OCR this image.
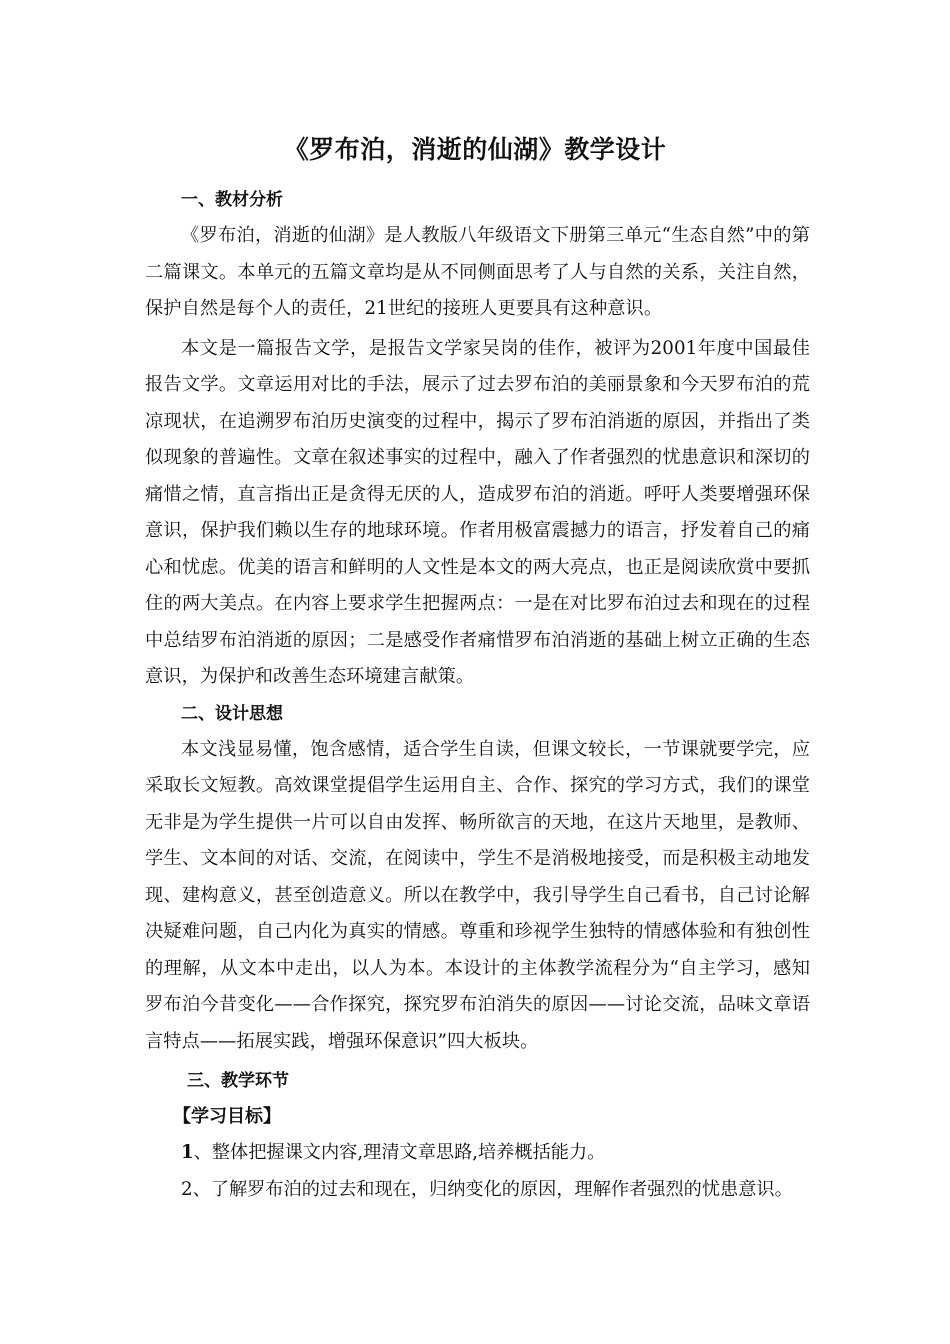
《罗布泊，消逝的仙湖》教学设计

一、教材分析

《罗布泊，消逝的仙湖》是人教版八年级语文下册第三单元“生态自然”中的第二篇课文。本单元的五篇文章均是从不同侧面思考了人与自然的关系，关注自然，保护自然是每个人的责任，21世纪的接班人更要具有这种意识。

本文是一篇报告文学，是报告文学家吴岗的佳作，被评为2001年度中国最佳报告文学。文章运用对比的手法，展示了过去罗布泊的美丽景象和今天罗布泊的荒凉现状，在追溯罗布泊历史演变的过程中，揭示了罗布泊消逝的原因，并指出了类似现象的普遍性。文章在叙述事实的过程中，融入了作者强烈的忧患意识和深切的痛惜之情，直言指出正是贪得无厌的人，造成罗布泊的消逝。呼吁人类要增强环保意识，保护我们赖以生存的地球环境。作者用极富震撼力的语言，抒发着自己的痛心和忧虑。优美的语言和鲜明的人文性是本文的两大亮点，也正是阅读欣赏中要抓住的两大美点。在内容上要求学生把握两点：一是在对比罗布泊过去和现在的过程中总结罗布泊消逝的原因；二是感受作者痛惜罗布泊消逝的基础上树立正确的生态意识，为保护和改善生态环境建言献策。

二、设计思想

本文浅显易懂，饱含感情，适合学生自读，但课文较长，一节课就要学完，应采取长文短教。高效课堂提倡学生运用自主、合作、探究的学习方式，我们的课堂无非是为学生提供一片可以自由发挥、畅所欲言的天地，在这片天地里，是教师、学生、文本间的对话、交流，在阅读中，学生不是消极地接受，而是积极主动地发现、建构意义，甚至创造意义。所以在教学中，我引导学生自己看书，自己讨论解决疑难问题，自己内化为真实的情感。尊重和珍视学生独特的情感体验和有独创性的理解，从文本中走出，以人为本。本设计的主体教学流程分为“自主学习，感知罗布泊今昔变化——合作探究，探究罗布泊消失的原因——讨论交流，品味文章语言特点——拓展实践，增强环保意识”四大板块。

三、教学环节

【学习目标】

1、整体把握课文内容,理清文章思路,培养概括能力。

2、了解罗布泊的过去和现在，归纳变化的原因，理解作者强烈的忧患意识。
